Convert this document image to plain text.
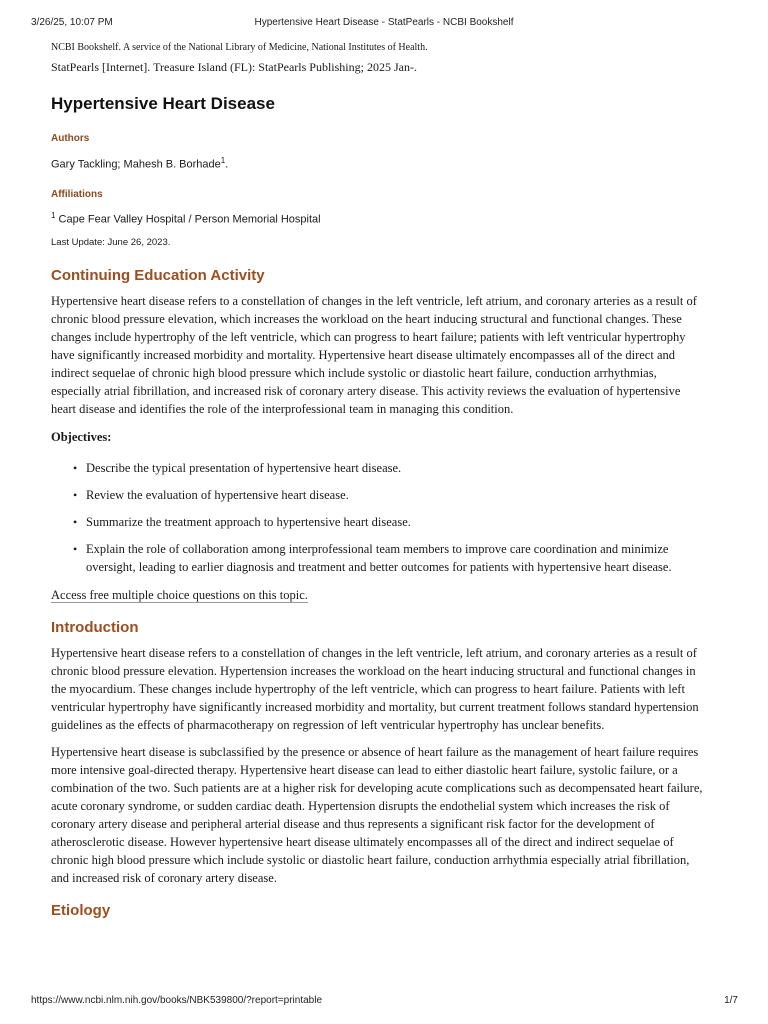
3/26/25, 10:07 PM	Hypertensive Heart Disease - StatPearls - NCBI Bookshelf

NCBI Bookshelf. A service of the National Library of Medicine, National Institutes of Health.

StatPearls [Internet]. Treasure Island (FL): StatPearls Publishing; 2025 Jan-.

Hypertensive Heart Disease

Authors

Gary Tackling; Mahesh B. Borhade$^1$.

Affiliations

$^1$ Cape Fear Valley Hospital / Person Memorial Hospital

Last Update: June 26, 2023.

Continuing Education Activity

Hypertensive heart disease refers to a constellation of changes in the left ventricle, left atrium, and coronary arteries as a result of chronic blood pressure elevation, which increases the workload on the heart inducing structural and functional changes. These changes include hypertrophy of the left ventricle, which can progress to heart failure; patients with left ventricular hypertrophy have significantly increased morbidity and mortality. Hypertensive heart disease ultimately encompasses all of the direct and indirect sequelae of chronic high blood pressure which include systolic or diastolic heart failure, conduction arrhythmias, especially atrial fibrillation, and increased risk of coronary artery disease. This activity reviews the evaluation of hypertensive heart disease and identifies the role of the interprofessional team in managing this condition.

Objectives:

• Describe the typical presentation of hypertensive heart disease.
• Review the evaluation of hypertensive heart disease.
• Summarize the treatment approach to hypertensive heart disease.
• Explain the role of collaboration among interprofessional team members to improve care coordination and minimize oversight, leading to earlier diagnosis and treatment and better outcomes for patients with hypertensive heart disease.

Access free multiple choice questions on this topic.

Introduction

Hypertensive heart disease refers to a constellation of changes in the left ventricle, left atrium, and coronary arteries as a result of chronic blood pressure elevation. Hypertension increases the workload on the heart inducing structural and functional changes in the myocardium. These changes include hypertrophy of the left ventricle, which can progress to heart failure. Patients with left ventricular hypertrophy have significantly increased morbidity and mortality, but current treatment follows standard hypertension guidelines as the effects of pharmacotherapy on regression of left ventricular hypertrophy has unclear benefits.

Hypertensive heart disease is subclassified by the presence or absence of heart failure as the management of heart failure requires more intensive goal-directed therapy. Hypertensive heart disease can lead to either diastolic heart failure, systolic failure, or a combination of the two. Such patients are at a higher risk for developing acute complications such as decompensated heart failure, acute coronary syndrome, or sudden cardiac death. Hypertension disrupts the endothelial system which increases the risk of coronary artery disease and peripheral arterial disease and thus represents a significant risk factor for the development of atherosclerotic disease. However hypertensive heart disease ultimately encompasses all of the direct and indirect sequelae of chronic high blood pressure which include systolic or diastolic heart failure, conduction arrhythmia especially atrial fibrillation, and increased risk of coronary artery disease.

Etiology
https://www.ncbi.nlm.nih.gov/books/NBK539800/?report=printable	1/7
